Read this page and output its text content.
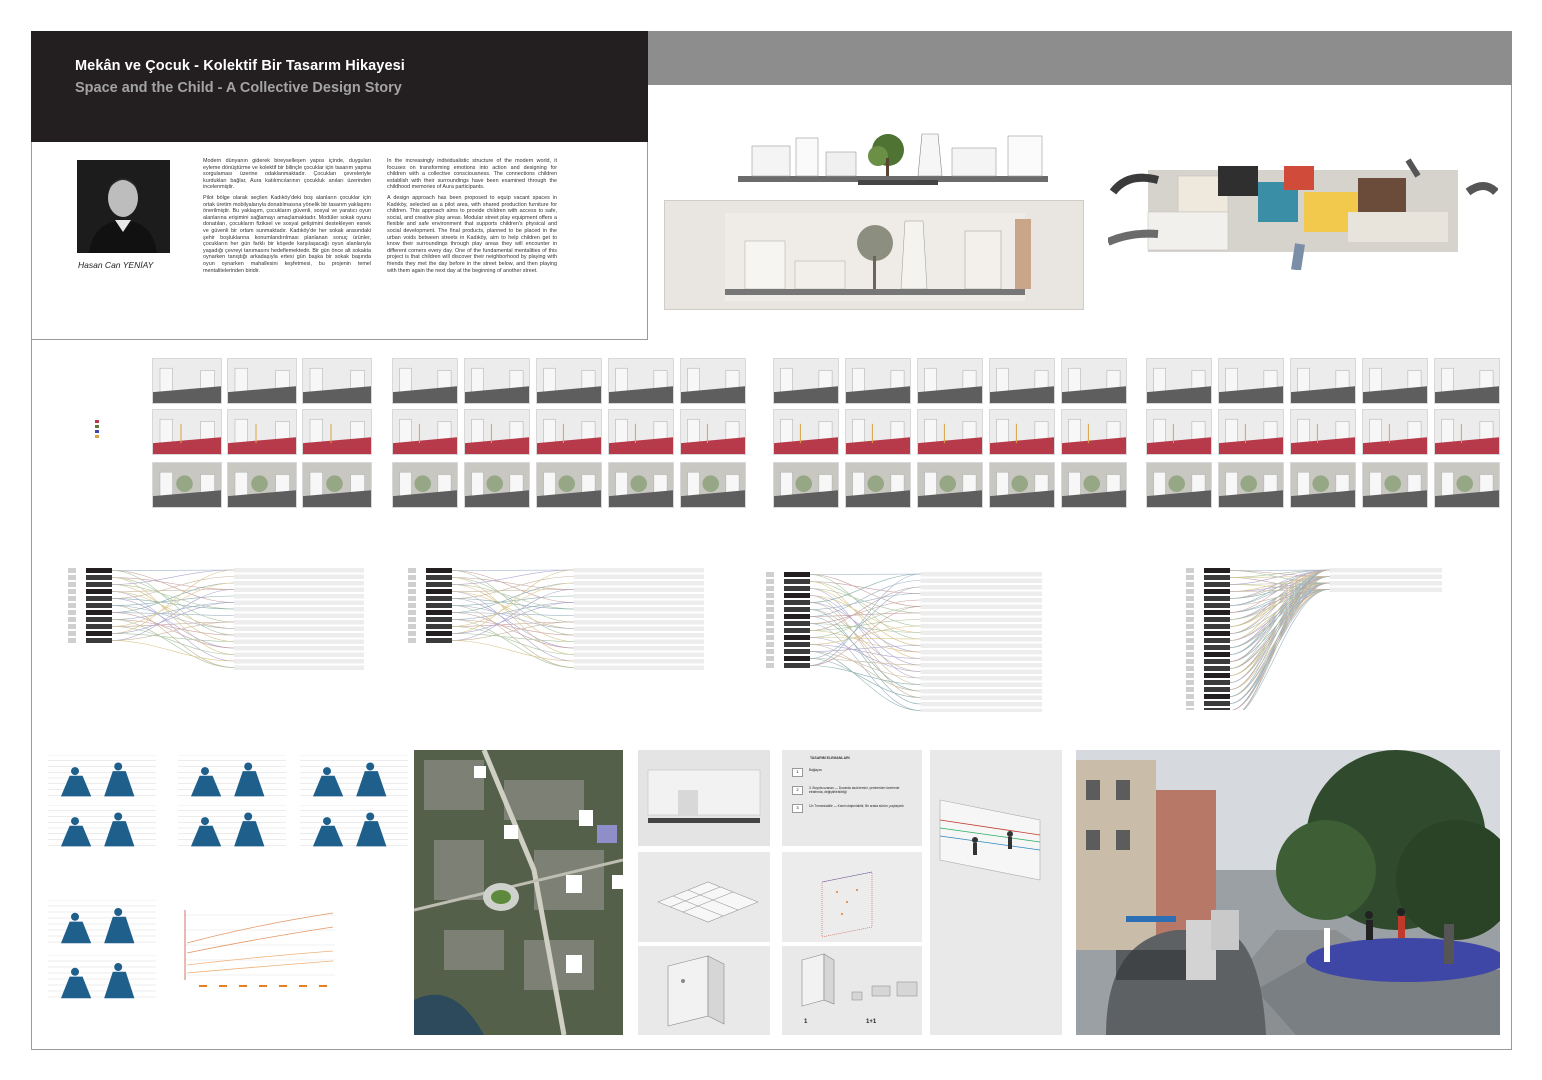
Mekân ve Çocuk - Kolektif Bir Tasarım Hikayesi
Space and the Child - A Collective Design Story
Hasan Can YENİAY

Modern dünyanın giderek bireyselleşen yapısı içinde, duyguları eyleme dönüştürme ve kolektif bir bilinçle çocuklar için tasarım yapma sorgulaması üzerine odaklanmaktadır. Çocukları çevreleriyle kurdukları bağlar, Aura katılımcılarının çocukluk anıları üzerinden incelenmiştir.

Pilot bölge olarak seçilen Kadıköy'deki boş alanların çocuklar için ortak üretim mobilyalarıyla donatılmasına yönelik bir tasarım yaklaşımı önerilmiştir. Bu yaklaşım, çocukların güvenli, sosyal ve yaratıcı oyun alanlarına erişimini sağlamayı amaçlamaktadır. Modüler sokak oyunu donatıları, çocukların fiziksel ve sosyal gelişimini destekleyen esnek ve güvenli bir ortam sunmaktadır. Kadıköy'de her sokak arasındaki şehir boşluklarına konumlandırılması planlanan sonuç ürünler, çocukların her gün farklı bir köşede karşılaşacağı oyun alanlarıyla yaşadığı çevreyi tanımasını hedeflemektedir. Bir gün önce alt sokakta oynarken tanıştığı arkadaşıyla ertesi gün başka bir sokak başında oyun oynarken mahallesini keşfetmesi, bu projenin temel mentalitelerinden biridir.

In the increasingly individualistic structure of the modern world, it focuses on transforming emotions into action and designing for children with a collective consciousness. The connections children establish with their surroundings have been examined through the childhood memories of Aura participants.

A design approach has been proposed to equip vacant spaces in Kadıköy, selected as a pilot area, with shared production furniture for children. This approach aims to provide children with access to safe, social, and creative play areas. Modular street play equipment offers a flexible and safe environment that supports children's physical and social development. The final products, planned to be placed in the urban voids between streets in Kadıköy, aim to help children get to know their surroundings through play areas they will encounter in different corners every day. One of the fundamental mentalities of this project is that children will discover their neighborhood by playing with friends they met the day before in the street below, and then playing with them again the next day at the beginning of another street.

TASARIM ELEMANLARI
1	Bağlayıcı
2	3. Boyuta uzanan — Duvarda asılı/zemini, çemberden üzerimde etrafımda, değiştirilebilirliği
3	1/n Tırmanılabilir — Kısmi ulaştırılabilir, Bir arada sürüm, paylaşımlı
1	1+1
